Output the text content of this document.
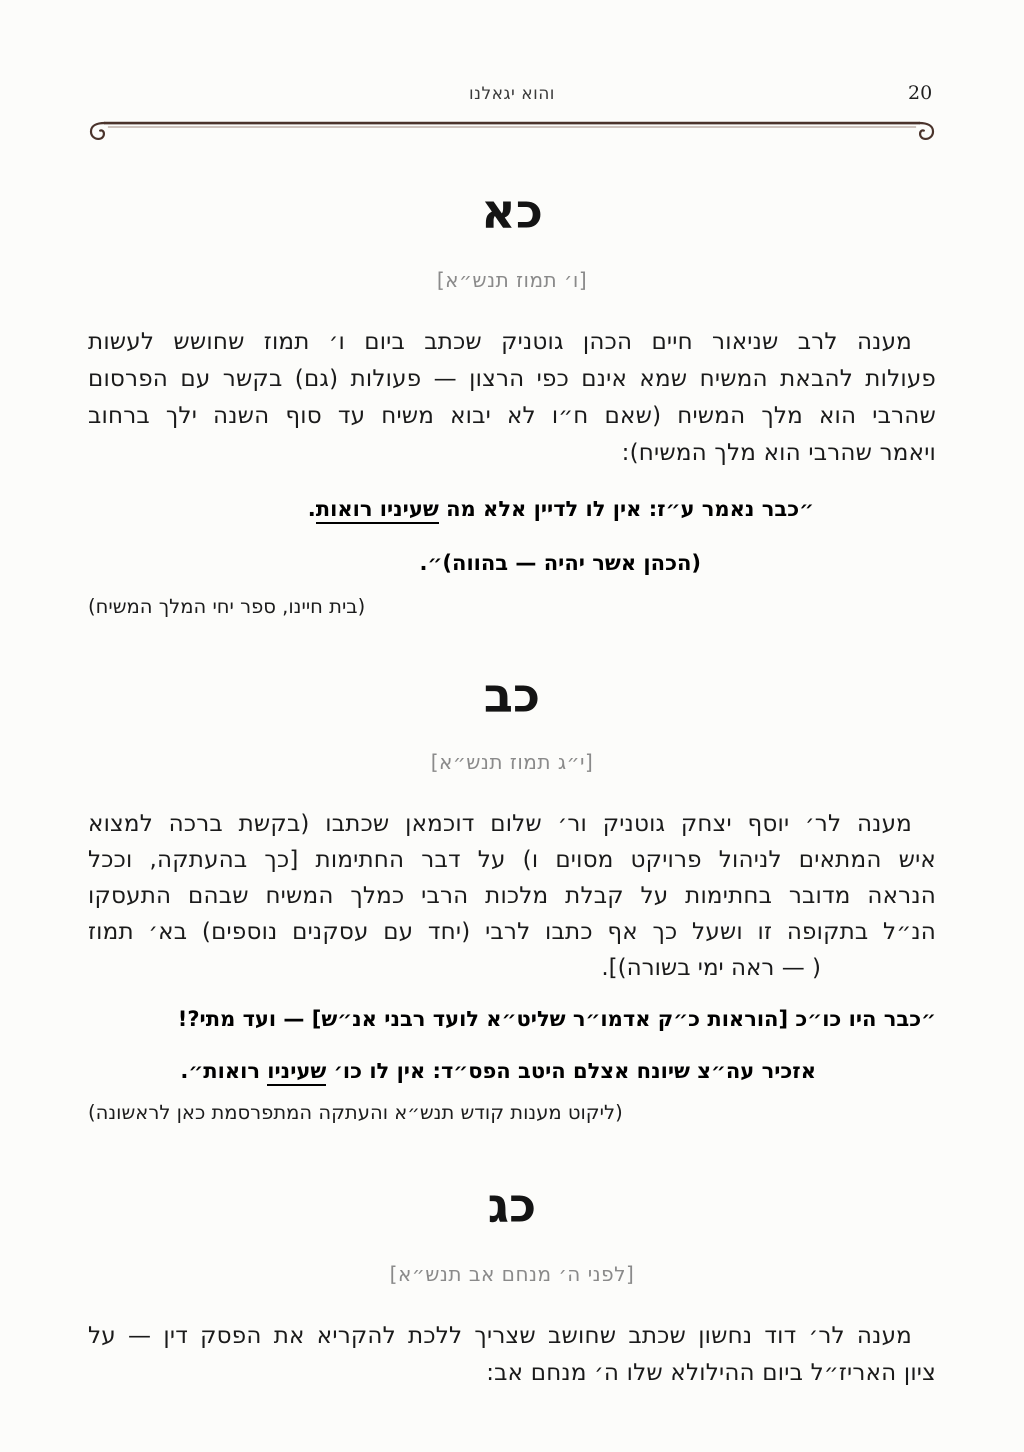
והוא יגאלנו	20
כא
[ו׳ תמוז תנש״א]
מענה לרב שניאור חיים הכהן גוטניק שכתב ביום ו׳ תמוז שחושש לעשות
פעולות להבאת המשיח שמא אינם כפי הרצון — פעולות (גם) בקשר עם הפרסום
שהרבי הוא מלך המשיח (שאם ח״ו לא יבוא משיח עד סוף השנה ילך ברחוב
ויאמר שהרבי הוא מלך המשיח):
״כבר נאמר ע״ז: אין לו לדיין אלא מה שעיניו רואות.
(הכהן אשר יהיה — בהווה)״.
(בית חיינו, ספר יחי המלך המשיח)
כב
[י״ג תמוז תנש״א]
מענה לר׳ יוסף יצחק גוטניק ור׳ שלום דוכמאן שכתבו (בקשת ברכה למצוא
איש המתאים לניהול פרויקט מסוים ו) על דבר החתימות [כך בהעתקה, וככל
הנראה מדובר בחתימות על קבלת מלכות הרבי כמלך המשיח שבהם התעסקו
הנ״ל בתקופה זו ושעל כך אף כתבו לרבי (יחד עם עסקנים נוספים) בא׳ תמוז
( — ראה ימי בשורה)].
״כבר היו כו״כ [הוראות כ״ק אדמו״ר שליט״א לועד רבני אנ״ש] — ועד מתי?!
אזכיר עה״צ שיונח אצלם היטב הפס״ד: אין לו כו׳ שעיניו רואות״.
(ליקוט מענות קודש תנש״א והעתקה המתפרסמת כאן לראשונה)
כג
[לפני ה׳ מנחם אב תנש״א]
מענה לר׳ דוד נחשון שכתב שחושב שצריך ללכת להקריא את הפסק דין — על
ציון האריז״ל ביום ההילולא שלו ה׳ מנחם אב:
